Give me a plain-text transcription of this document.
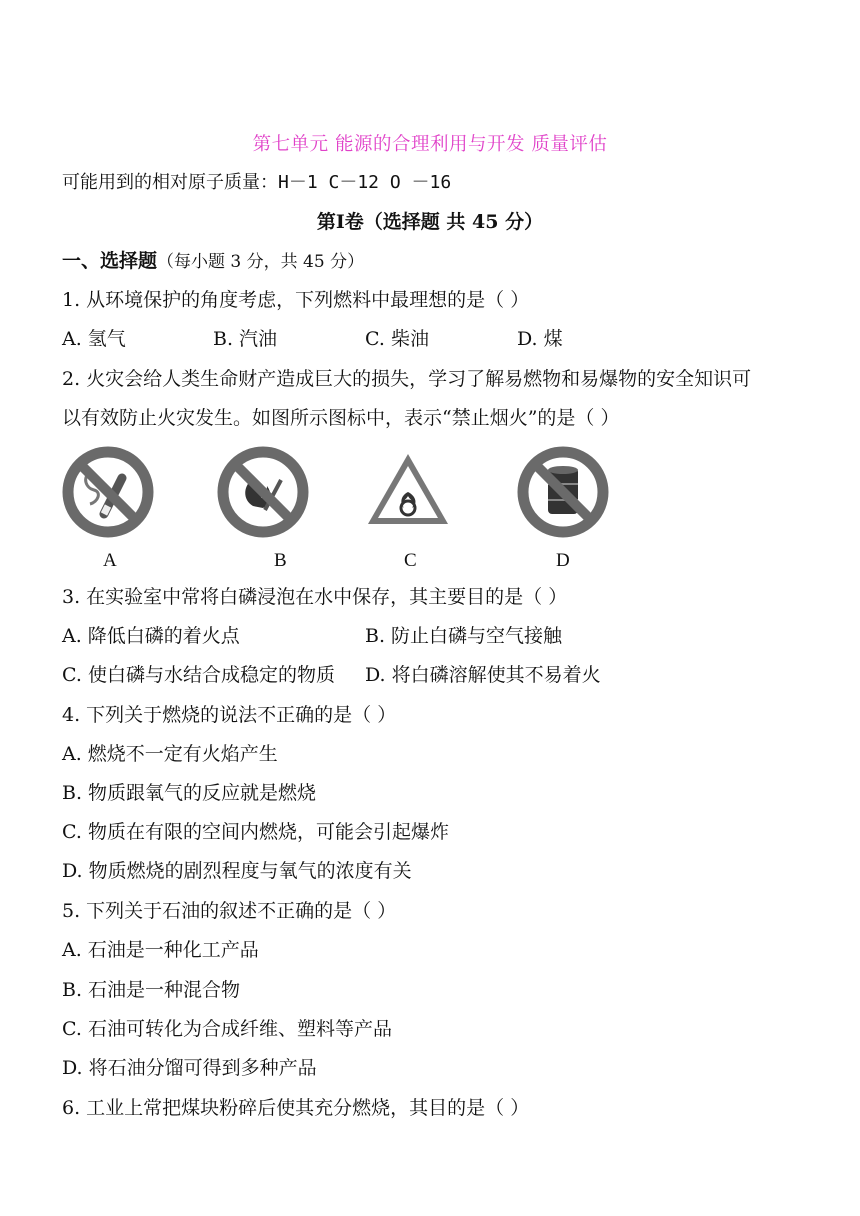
第七单元 能源的合理利用与开发 质量评估
可能用到的相对原子质量：H－1 C－12 O －16
第Ⅰ卷（选择题 共 45 分）
一、选择题（每小题 3 分，共 45 分）
1. 从环境保护的角度考虑，下列燃料中最理想的是（ ）
A. 氢气	B. 汽油	C. 柴油	D. 煤
2. 火灾会给人类生命财产造成巨大的损失，学习了解易燃物和易爆物的安全知识可
以有效防止火灾发生。如图所示图标中，表示“禁止烟火”的是（ ）
A	B	C	D
3. 在实验室中常将白磷浸泡在水中保存，其主要目的是（ ）
A. 降低白磷的着火点	B. 防止白磷与空气接触
C. 使白磷与水结合成稳定的物质 D. 将白磷溶解使其不易着火
4. 下列关于燃烧的说法不正确的是（ ）
A. 燃烧不一定有火焰产生
B. 物质跟氧气的反应就是燃烧
C. 物质在有限的空间内燃烧，可能会引起爆炸
D. 物质燃烧的剧烈程度与氧气的浓度有关
5. 下列关于石油的叙述不正确的是（ ）
A. 石油是一种化工产品
B. 石油是一种混合物
C. 石油可转化为合成纤维、塑料等产品
D. 将石油分馏可得到多种产品
6. 工业上常把煤块粉碎后使其充分燃烧，其目的是（ ）
